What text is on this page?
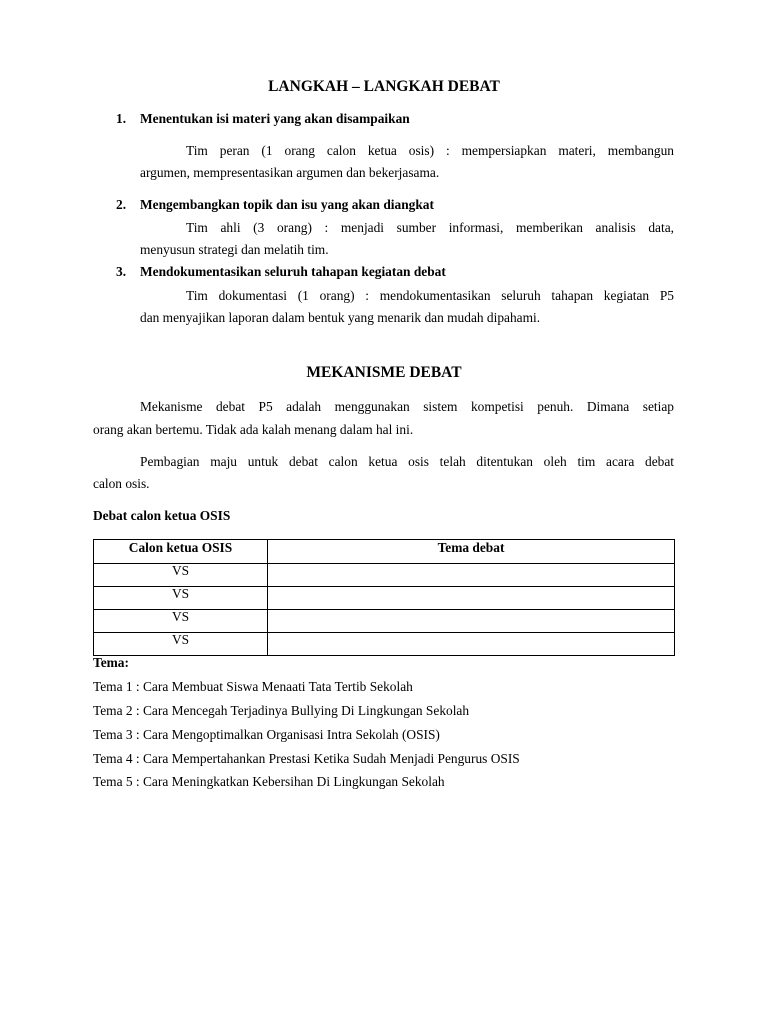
LANGKAH – LANGKAH DEBAT
1. Menentukan isi materi yang akan disampaikan
Tim peran (1 orang calon ketua osis) : mempersiapkan materi, membangun
argumen, mempresentasikan argumen dan bekerjasama.
2. Mengembangkan topik dan isu yang akan diangkat
Tim ahli (3 orang) : menjadi sumber informasi, memberikan analisis data,
menyusun strategi dan melatih tim.
3. Mendokumentasikan seluruh tahapan kegiatan debat
Tim dokumentasi (1 orang) : mendokumentasikan seluruh tahapan kegiatan P5
dan menyajikan laporan dalam bentuk yang menarik dan mudah dipahami.
MEKANISME DEBAT
Mekanisme debat P5 adalah menggunakan sistem kompetisi penuh. Dimana setiap
orang akan bertemu. Tidak ada kalah menang dalam hal ini.
Pembagian maju untuk debat calon ketua osis telah ditentukan oleh tim acara debat
calon osis.
Debat calon ketua OSIS
Calon ketua OSIS	Tema debat
VS	
VS	
VS	
VS	
Tema:
Tema 1 : Cara Membuat Siswa Menaati Tata Tertib Sekolah
Tema 2 : Cara Mencegah Terjadinya Bullying Di Lingkungan Sekolah
Tema 3 : Cara Mengoptimalkan Organisasi Intra Sekolah (OSIS)
Tema 4 : Cara Mempertahankan Prestasi Ketika Sudah Menjadi Pengurus OSIS
Tema 5 : Cara Meningkatkan Kebersihan Di Lingkungan Sekolah
